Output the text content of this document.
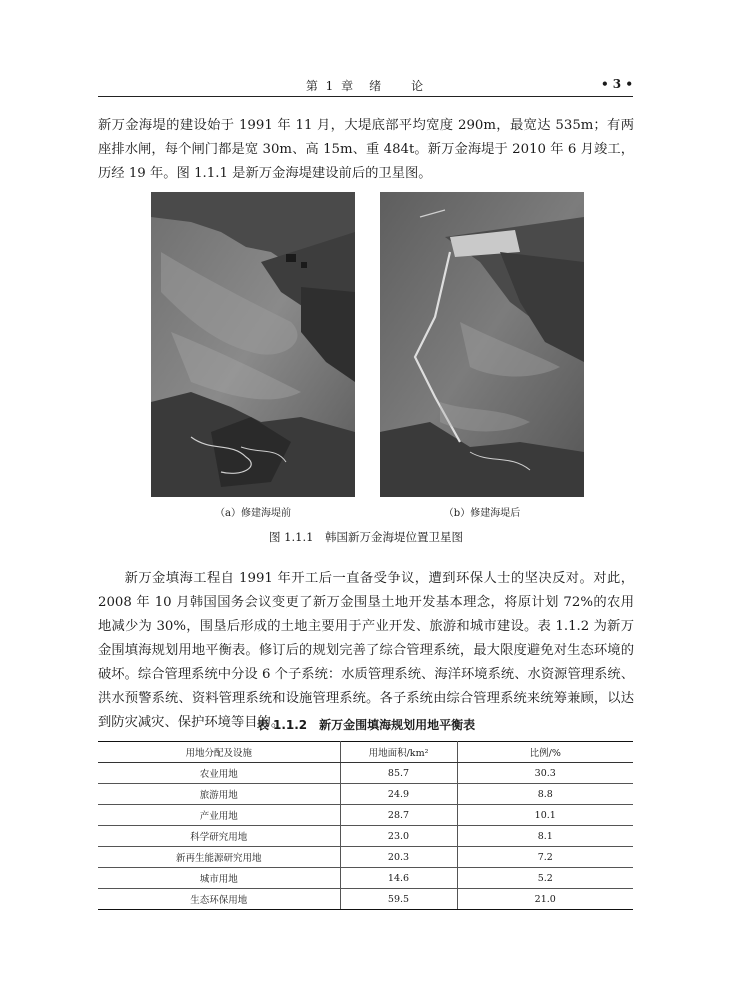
第 1 章　绪　　论	• 3 •

新万金海堤的建设始于 1991 年 11 月，大堤底部平均宽度 290m，最宽达 535m；有两座排水闸，每个闸门都是宽 30m、高 15m、重 484t。新万金海堤于 2010 年 6 月竣工，历经 19 年。图 1.1.1 是新万金海堤建设前后的卫星图。

（a）修建海堤前	（b）修建海堤后
图 1.1.1　韩国新万金海堤位置卫星图

新万金填海工程自 1991 年开工后一直备受争议，遭到环保人士的坚决反对。对此，2008 年 10 月韩国国务会议变更了新万金围垦土地开发基本理念，将原计划 72%的农用地减少为 30%，围垦后形成的土地主要用于产业开发、旅游和城市建设。表 1.1.2 为新万金围填海规划用地平衡表。修订后的规划完善了综合管理系统，最大限度避免对生态环境的破坏。综合管理系统中分设 6 个子系统：水质管理系统、海洋环境系统、水资源管理系统、洪水预警系统、资料管理系统和设施管理系统。各子系统由综合管理系统来统筹兼顾，以达到防灾减灾、保护环境等目的。

表 1.1.2　新万金围填海规划用地平衡表
用地分配及设施	用地面积/km²	比例/%
农业用地	85.7	30.3
旅游用地	24.9	8.8
产业用地	28.7	10.1
科学研究用地	23.0	8.1
新再生能源研究用地	20.3	7.2
城市用地	14.6	5.2
生态环保用地	59.5	21.0
